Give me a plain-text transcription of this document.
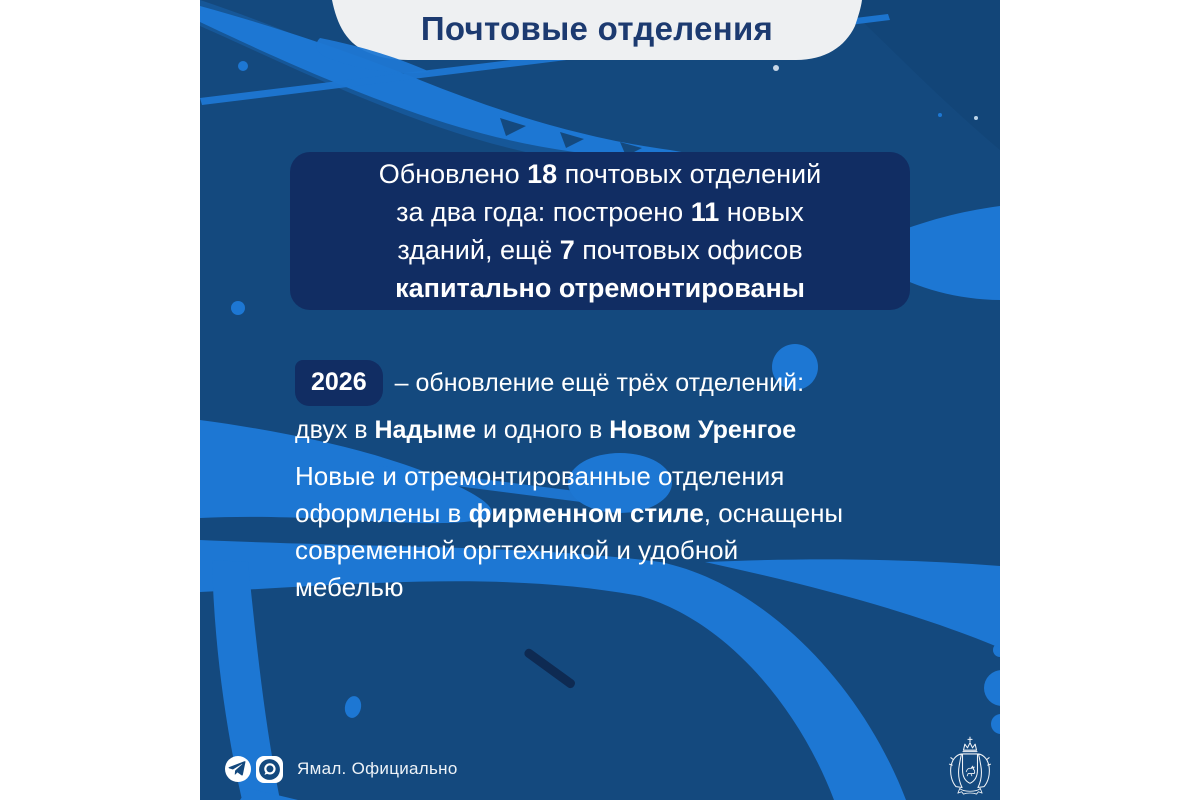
Почтовые отделения
Обновлено 18 почтовых отделений
за два года: построено 11 новых
зданий, ещё 7 почтовых офисов
капитально отремонтированы
2026	– обновление ещё трёх отделений:
двух в Надыме и одного в Новом Уренгое
Новые и отремонтированные отделения
оформлены в фирменном стиле, оснащены
современной оргтехникой и удобной
мебелью
Ямал. Официально
